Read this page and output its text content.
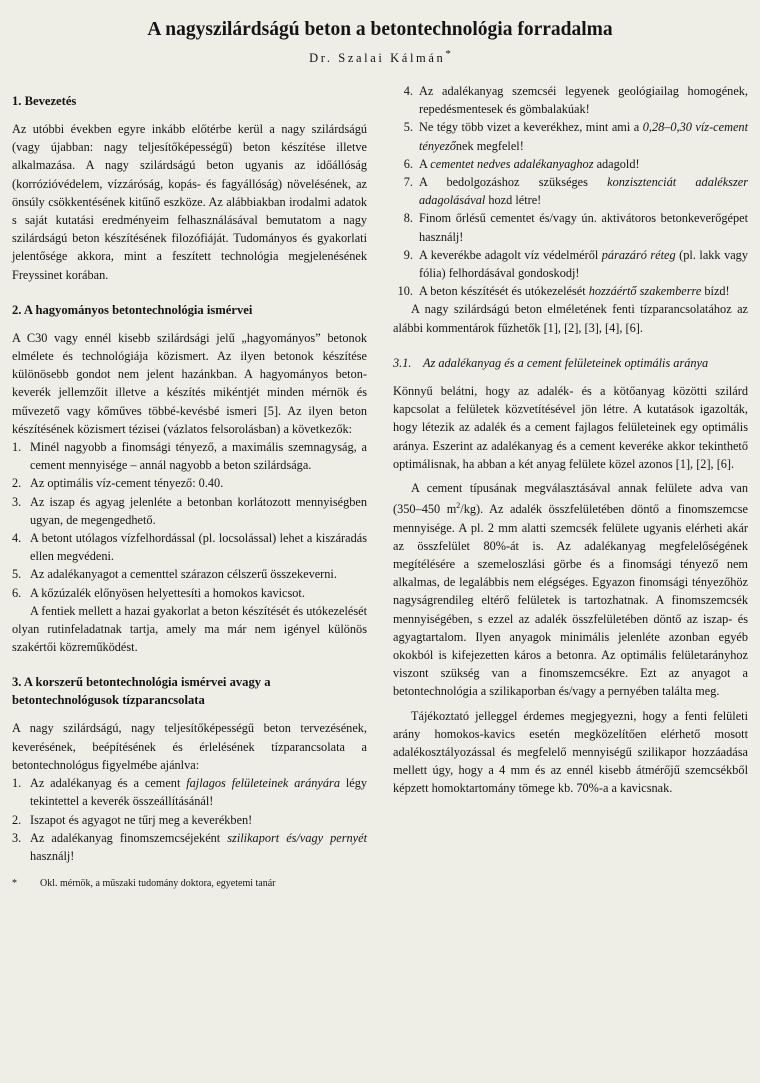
A nagyszilárdságú beton a betontechnológia forradalma
Dr. Szalai Kálmán*
1. Bevezetés

Az utóbbi években egyre inkább előtérbe kerül a nagy szilárdságú (vagy újabban: nagy teljesítőképességű) beton készítése illetve alkalmazása. A nagy szilárdságú beton ugyanis az időállóság (korrózióvédelem, vízzáróság, kopás- és fagyállóság) növelésének, az önsúly csökkentésének kitűnő eszköze. Az alábbiakban irodalmi adatok s saját kutatási eredményeim felhasználásával bemutatom a nagy szilárdságú beton készítésének filozófiáját. Tudományos és gyakorlati jelentősége akkora, mint a feszített technológia megjelenésének Freyssinet korában.

2. A hagyományos betontechnológia ismérvei

A C30 vagy ennél kisebb szilárdsági jelű „hagyományos” betonok elmélete és technológiája közismert. Az ilyen betonok készítése különösebb gondot nem jelent hazánkban. A hagyományos beton-keverék jellemzőit illetve a készítés mikéntjét minden mérnök és művezető vagy kőműves többé-kevésbé ismeri [5]. Az ilyen beton készítésének közismert tézisei (vázlatos felsorolásban) a következők:

1. Minél nagyobb a finomsági tényező, a maximális szemnagyság, a cement mennyisége – annál nagyobb a beton szilárdsága.
2. Az optimális víz-cement tényező: 0.40.
3. Az iszap és agyag jelenléte a betonban korlátozott mennyiségben ugyan, de megengedhető.
4. A betont utólagos vízfelhordással (pl. locsolással) lehet a kiszáradás ellen megvédeni.
5. Az adalékanyagot a cementtel szárazon célszerű összekeverni.
6. A kőzúzalék előnyösen helyettesíti a homokos kavicsot.

A fentiek mellett a hazai gyakorlat a beton készítését és utókezelését olyan rutinfeladatnak tartja, amely ma már nem igényel különös szakértői közreműködést.

3. A korszerű betontechnológia ismérvei avagy a betontechnológusok tízparancsolata

A nagy szilárdságú, nagy teljesítőképességű beton tervezésének, keverésének, beépítésének és érlelésének tízparancsolata a betontechnológus figyelmébe ajánlva:

1. Az adalékanyag és a cement fajlagos felületeinek arányára légy tekintettel a keverék összeállításánál!
2. Iszapot és agyagot ne tűrj meg a keverékben!
3. Az adalékanyag finomszemcséjeként szilikaport és/vagy pernyét használj!
*	Okl. mérnök, a műszaki tudomány doktora, egyetemi tanár
4. Az adalékanyag szemcséi legyenek geológiailag homogének, repedésmentesek és gömbalakúak!
5. Ne tégy több vizet a keverékhez, mint ami a 0,28–0,30 víz-cement tényezőnek megfelel!
6. A cementet nedves adalékanyaghoz adagold!
7. A bedolgozáshoz szükséges konzisztenciát adalékszer adagolásával hozd létre!
8. Finom őrlésű cementet és/vagy ún. aktivátoros betonkeverőgépet használj!
9. A keverékbe adagolt víz védelméről párazáró réteg (pl. lakk vagy fólia) felhordásával gondoskodj!
10. A beton készítését és utókezelését hozzáértő szakemberre bízd!

A nagy szilárdságú beton elméletének fenti tízparancsolatához az alábbi kommentárok fűzhetők [1], [2], [3], [4], [6].

3.1. Az adalékanyag és a cement felületeinek optimális aránya

Könnyű belátni, hogy az adalék- és a kötőanyag közötti szilárd kapcsolat a felületek közvetítésével jön létre. A kutatások igazolták, hogy létezik az adalék és a cement fajlagos felületeinek egy optimális aránya. Eszerint az adalékanyag és a cement keveréke akkor tekinthető optimálisnak, ha abban a két anyag felülete közel azonos [1], [2], [6].

A cement típusának megválasztásával annak felülete adva van (350–450 $m^2/kg$). Az adalék összfelületében döntő a finomszemcse mennyisége. A pl. 2 mm alatti szemcsék felülete ugyanis elérheti akár az összfelület 80%-át is. Az adalékanyag megfelelőségének megítélésére a szemeloszlási görbe és a finomsági tényező nem alkalmas, de legalábbis nem elégséges. Egyazon finomsági tényezőhöz nagyságrendileg eltérő felületek is tartozhatnak. A finomszemcsék mennyiségében, s ezzel az adalék összfelületében döntő az iszap- és agyagtartalom. Ilyen anyagok minimális jelenléte azonban egyéb okokból is kifejezetten káros a betonra. Az optimális felületarányhoz viszont szükség van a finomszemcsékre. Ezt az anyagot a betontechnológia a szilikaporban és/vagy a pernyében találta meg.

Tájékoztató jelleggel érdemes megjegyezni, hogy a fenti felületi arány homokos-kavics esetén megközelítően elérhető mosott adalékosztályozással és megfelelő mennyiségű szilikapor hozzáadása mellett úgy, hogy a 4 mm és az ennél kisebb átmérőjű szemcsékből képzett homoktartomány tömege kb. 70%-a a kavicsnak.
